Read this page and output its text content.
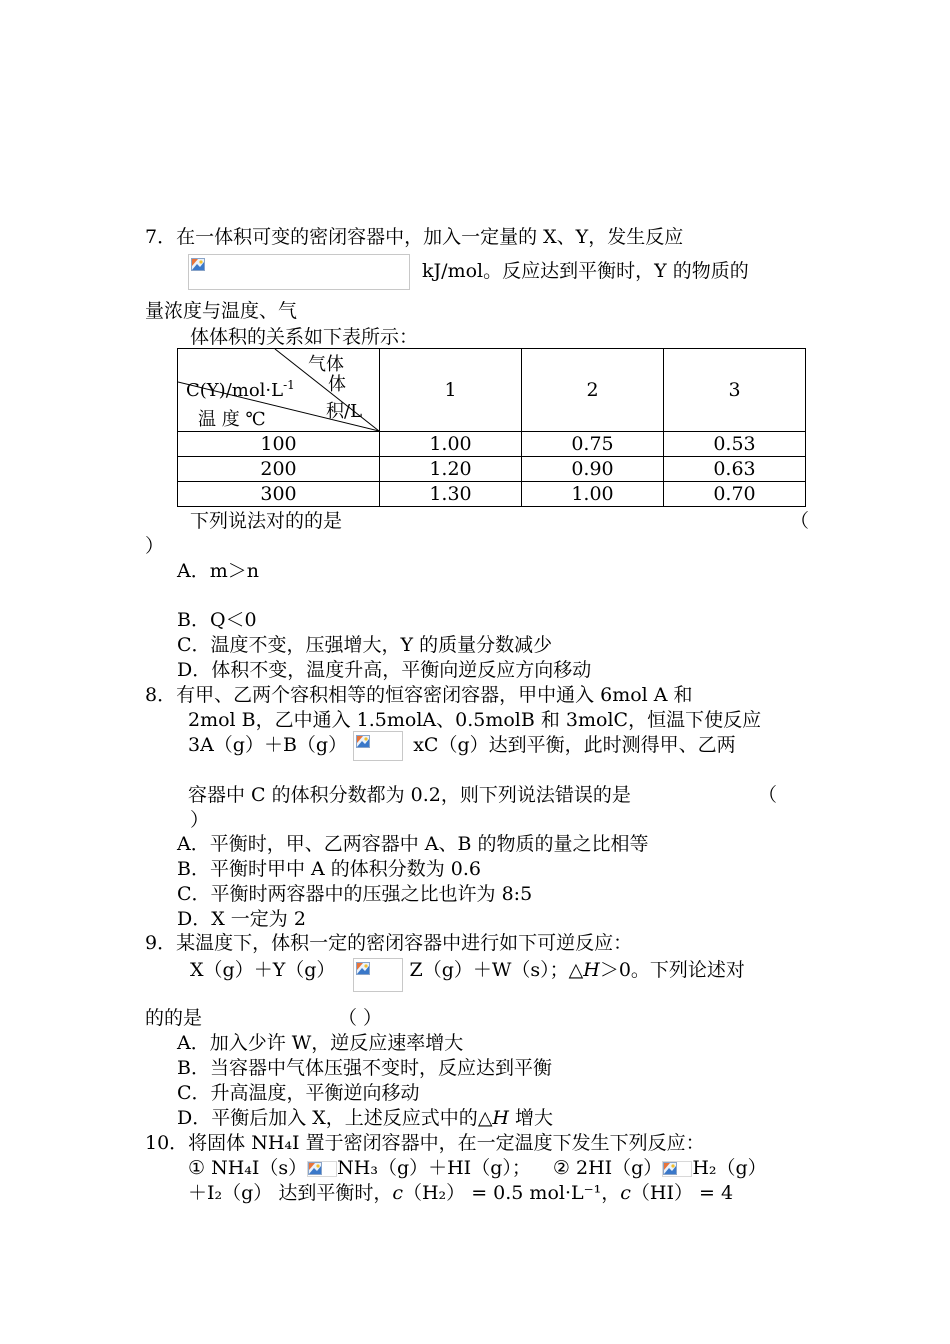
7．在一体积可变的密闭容器中，加入一定量的 X、Y，发生反应
kJ/mol。反应达到平衡时，Y 的物质的
量浓度与温度、气
体体积的关系如下表所示：
$C(Y)/mol\cdot L^{-1}$
温 度 ℃
气体
体
积/L	1	2	3
100	1.00	0.75	0.53
200	1.20	0.90	0.63
300	1.30	1.00	0.70
下列说法对的的是	（
）
A．m＞n
B．Q＜0
C．温度不变，压强增大，Y 的质量分数减少
D．体积不变，温度升高，平衡向逆反应方向移动
8．有甲、乙两个容积相等的恒容密闭容器，甲中通入 6mol A 和
2mol B，乙中通入 1.5molA、0.5molB 和 3molC，恒温下使反应
3A（g）＋B（g）	xC（g）达到平衡，此时测得甲、乙两
容器中 C 的体积分数都为 0.2，则下列说法错误的是	（
）
A．平衡时，甲、乙两容器中 A、B 的物质的量之比相等
B．平衡时甲中 A 的体积分数为 0.6
C．平衡时两容器中的压强之比也许为 8:5
D．X 一定为 2
9．某温度下，体积一定的密闭容器中进行如下可逆反应：
X（g）＋Y（g）	Z（g）＋W（s）；△H＞0。下列论述对
的的是	（ ）
A．加入少许 W，逆反应速率增大
B．当容器中气体压强不变时，反应达到平衡
C．升高温度，平衡逆向移动
D．平衡后加入 X，上述反应式中的△H 增大
10．将固体 NH₄I 置于密闭容器中，在一定温度下发生下列反应：
① NH₄I（s） NH₃（g）＋HI（g）； ② 2HI（g） H₂（g）
＋I₂（g） 达到平衡时，c（H₂） = 0.5 mol·L⁻¹，c（HI） = 4
